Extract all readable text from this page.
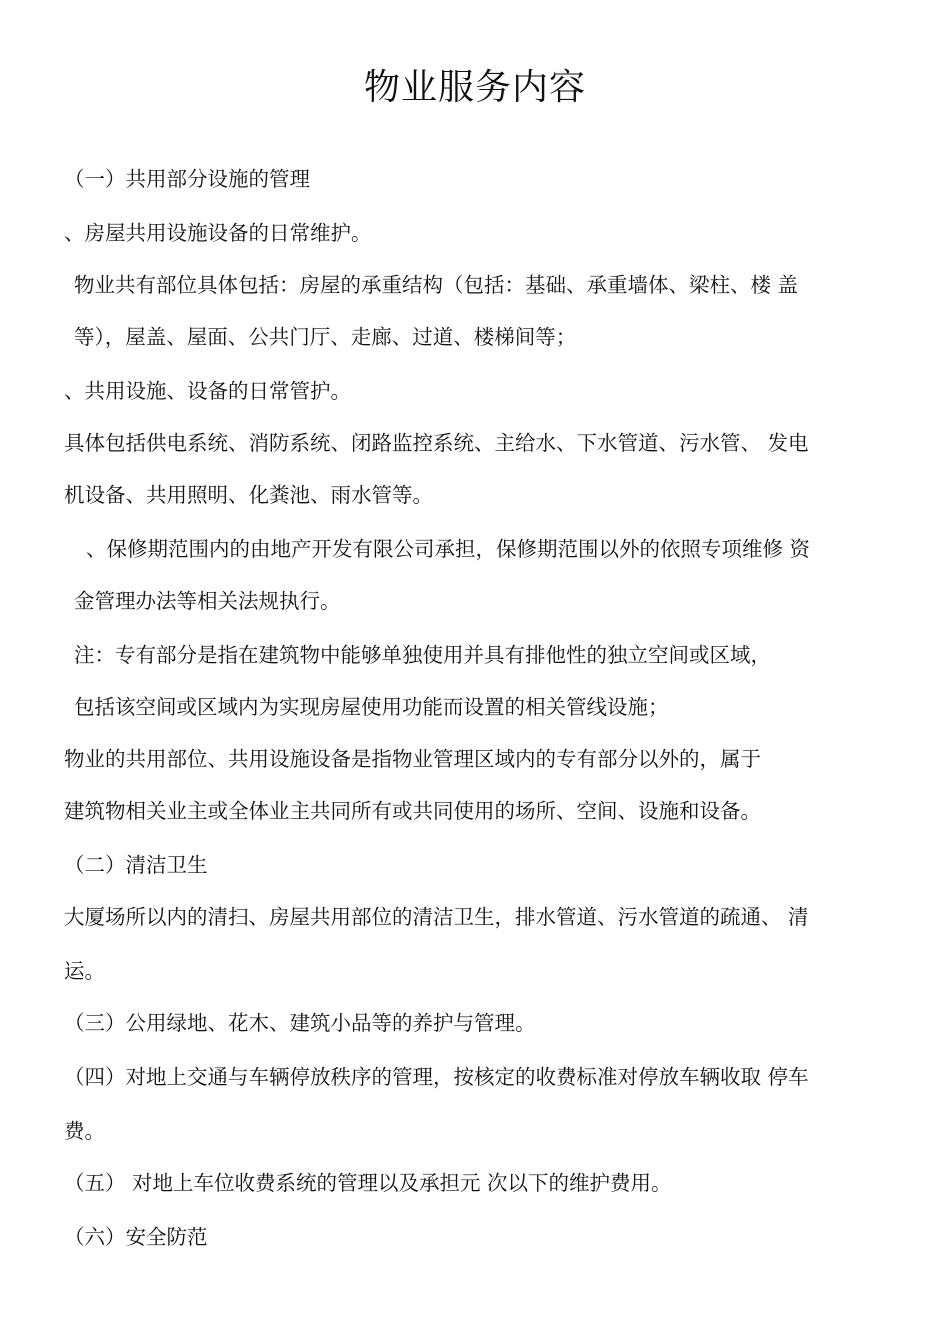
物业服务内容
（一）共用部分设施的管理
、房屋共用设施设备的日常维护。
物业共有部位具体包括：房屋的承重结构（包括：基础、承重墙体、梁柱、楼 盖
等），屋盖、屋面、公共门厅、走廊、过道、楼梯间等；
、共用设施、设备的日常管护。
具体包括供电系统、消防系统、闭路监控系统、主给水、下水管道、污水管、 发电
机设备、共用照明、化粪池、雨水管等。
、保修期范围内的由地产开发有限公司承担，保修期范围以外的依照专项维修 资
金管理办法等相关法规执行。
注：专有部分是指在建筑物中能够单独使用并具有排他性的独立空间或区域，
包括该空间或区域内为实现房屋使用功能而设置的相关管线设施；
物业的共用部位、共用设施设备是指物业管理区域内的专有部分以外的，属于
建筑物相关业主或全体业主共同所有或共同使用的场所、空间、设施和设备。
（二）清洁卫生
大厦场所以内的清扫、房屋共用部位的清洁卫生，排水管道、污水管道的疏通、 清
运。
（三）公用绿地、花木、建筑小品等的养护与管理。
（四）对地上交通与车辆停放秩序的管理，按核定的收费标准对停放车辆收取 停车
费。
（五） 对地上车位收费系统的管理以及承担元 次以下的维护费用。
（六）安全防范
